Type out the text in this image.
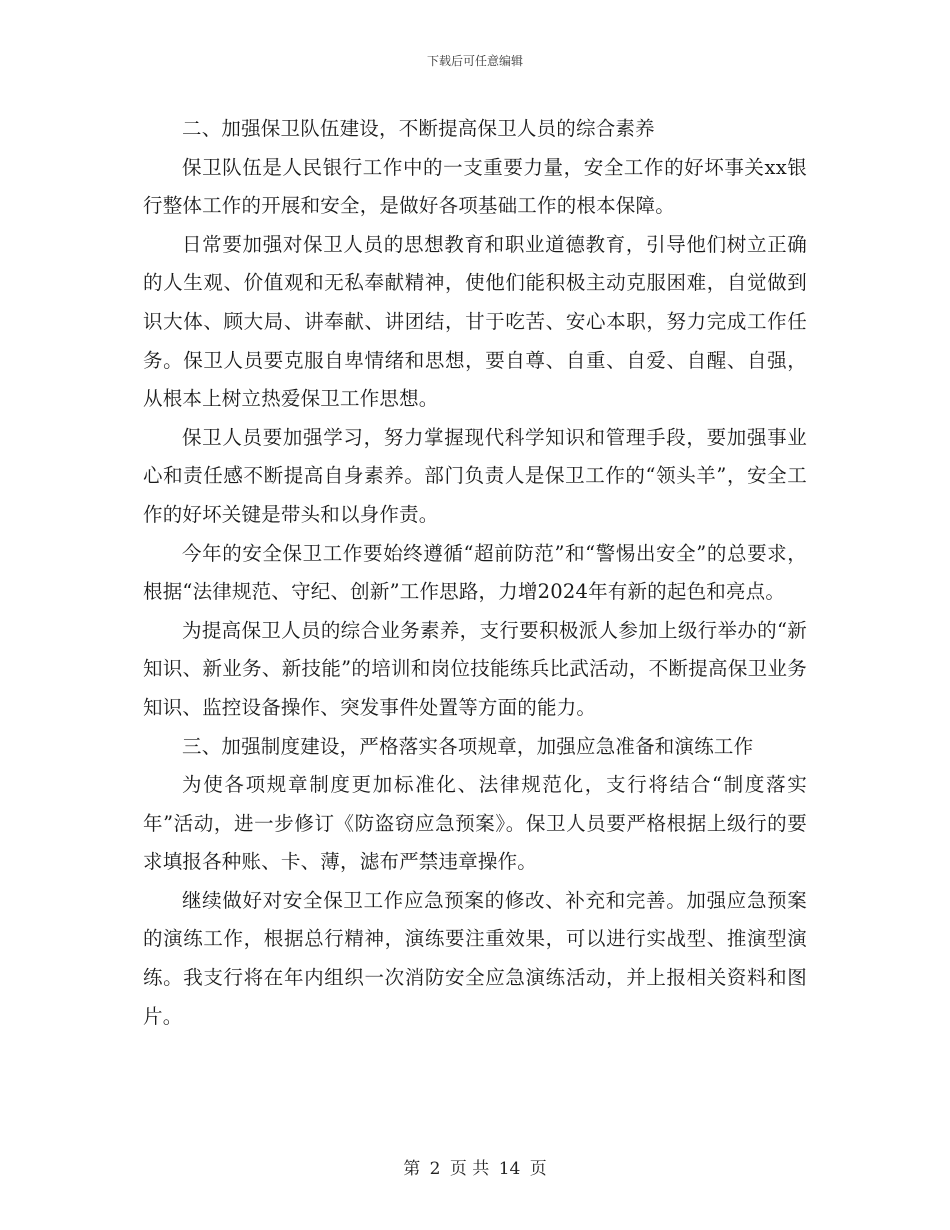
下载后可任意编辑

二、加强保卫队伍建设，不断提高保卫人员的综合素养

保卫队伍是人民银行工作中的一支重要力量，安全工作的好坏事关xx银行整体工作的开展和安全，是做好各项基础工作的根本保障。

日常要加强对保卫人员的思想教育和职业道德教育，引导他们树立正确的人生观、价值观和无私奉献精神，使他们能积极主动克服困难，自觉做到识大体、顾大局、讲奉献、讲团结，甘于吃苦、安心本职，努力完成工作任务。保卫人员要克服自卑情绪和思想，要自尊、自重、自爱、自醒、自强，从根本上树立热爱保卫工作思想。

保卫人员要加强学习，努力掌握现代科学知识和管理手段，要加强事业心和责任感不断提高自身素养。部门负责人是保卫工作的“领头羊”，安全工作的好坏关键是带头和以身作责。

今年的安全保卫工作要始终遵循“超前防范”和“警惕出安全”的总要求，根据“法律规范、守纪、创新”工作思路，力增2024年有新的起色和亮点。

为提高保卫人员的综合业务素养，支行要积极派人参加上级行举办的“新知识、新业务、新技能”的培训和岗位技能练兵比武活动，不断提高保卫业务知识、监控设备操作、突发事件处置等方面的能力。

三、加强制度建设，严格落实各项规章，加强应急准备和演练工作

为使各项规章制度更加标准化、法律规范化，支行将结合“制度落实年”活动，进一步修订《防盗窃应急预案》。保卫人员要严格根据上级行的要求填报各种账、卡、薄，滤布严禁违章操作。

继续做好对安全保卫工作应急预案的修改、补充和完善。加强应急预案的演练工作，根据总行精神，演练要注重效果，可以进行实战型、推演型演练。我支行将在年内组织一次消防安全应急演练活动，并上报相关资料和图片。

第 2 页 共 14 页
